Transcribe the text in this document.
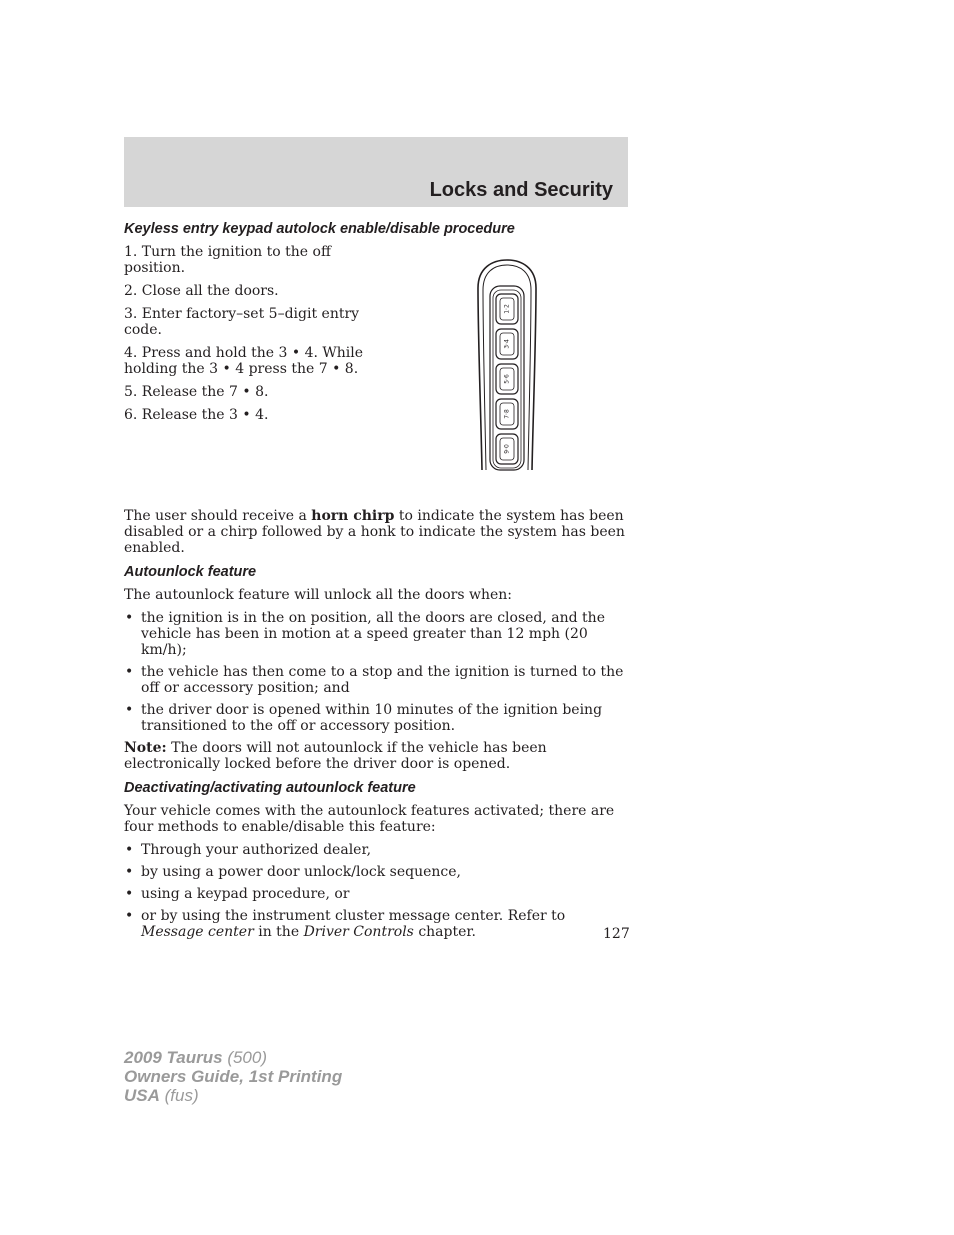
Locks and Security
Keyless entry keypad autolock enable/disable procedure

1. Turn the ignition to the off position.

2. Close all the doors.

3. Enter factory–set 5–digit entry code.

4. Press and hold the 3 • 4. While holding the 3 • 4 press the 7 • 8.

5. Release the 7 • 8.

6. Release the 3 • 4.

The user should receive a horn chirp to indicate the system has been disabled or a chirp followed by a honk to indicate the system has been enabled.

Autounlock feature

The autounlock feature will unlock all the doors when:

• the ignition is in the on position, all the doors are closed, and the vehicle has been in motion at a speed greater than 12 mph (20 km/h);
• the vehicle has then come to a stop and the ignition is turned to the off or accessory position; and
• the driver door is opened within 10 minutes of the ignition being transitioned to the off or accessory position.

Note: The doors will not autounlock if the vehicle has been electronically locked before the driver door is opened.

Deactivating/activating autounlock feature

Your vehicle comes with the autounlock features activated; there are four methods to enable/disable this feature:

• Through your authorized dealer,
• by using a power door unlock/lock sequence,
• using a keypad procedure, or
• or by using the instrument cluster message center. Refer to Message center in the Driver Controls chapter.
1·2
3·4
5·6
7·8
9·0
127
2009 Taurus (500)
Owners Guide, 1st Printing
USA (fus)
